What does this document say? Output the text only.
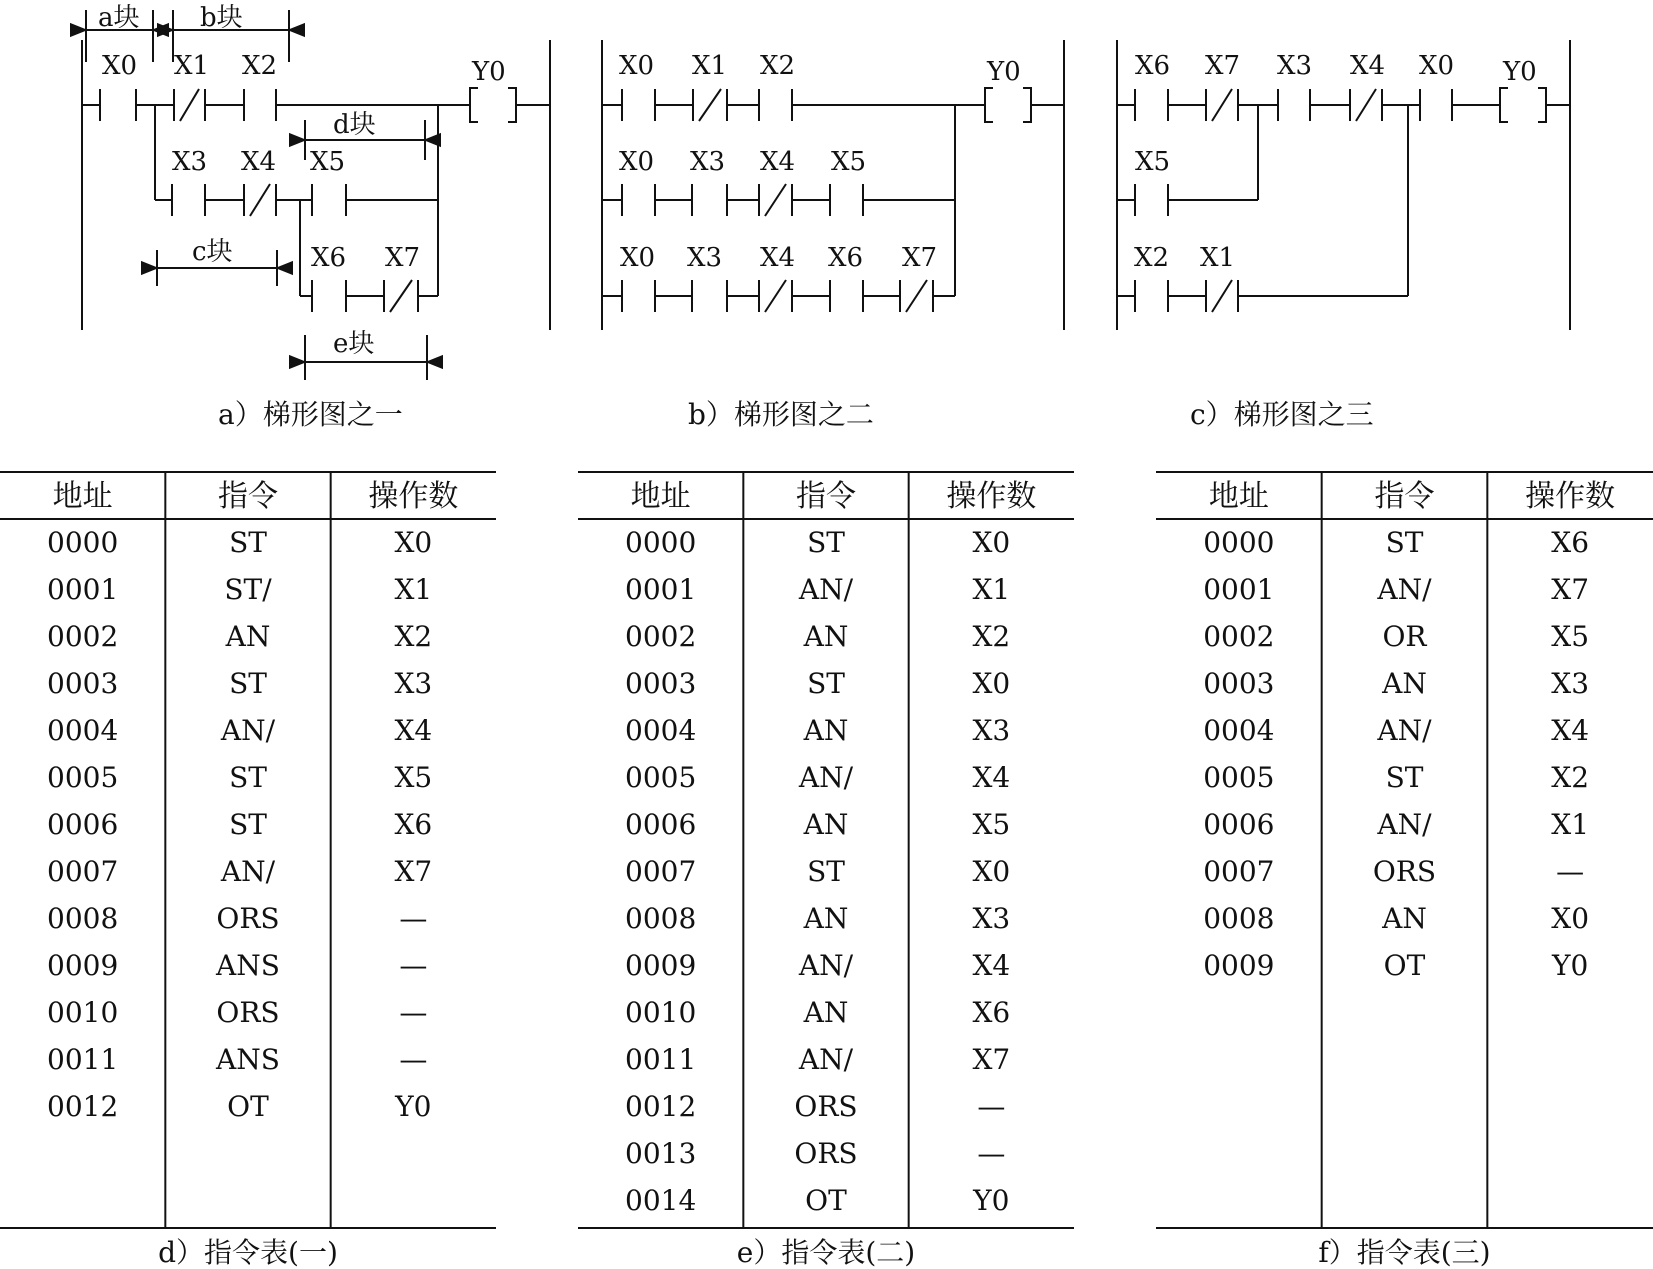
a块 b块
d块
c块
e块
X0 X1 X2
X3 X4 X5
X6 X7
Y0
a）梯形图之一
X0 X1 X2
X0 X3 X4 X5
X0 X3 X4 X6 X7
Y0
b）梯形图之二
X6 X7 X3 X4 X0
X5
X2 X1
Y0
c）梯形图之三
地址	指令	操作数
0000	ST	X0
0001	ST/	X1
0002	AN	X2
0003	ST	X3
0004	AN/	X4
0005	ST	X5
0006	ST	X6
0007	AN/	X7
0008	ORS	—
0009	ANS	—
0010	ORS	—
0011	ANS	—
0012	OT	Y0
d）指令表(一)
地址	指令	操作数
0000	ST	X0
0001	AN/	X1
0002	AN	X2
0003	ST	X0
0004	AN	X3
0005	AN/	X4
0006	AN	X5
0007	ST	X0
0008	AN	X3
0009	AN/	X4
0010	AN	X6
0011	AN/	X7
0012	ORS	—
0013	ORS	—
0014	OT	Y0
e）指令表(二)
地址	指令	操作数
0000	ST	X6
0001	AN/	X7
0002	OR	X5
0003	AN	X3
0004	AN/	X4
0005	ST	X2
0006	AN/	X1
0007	ORS	—
0008	AN	X0
0009	OT	Y0
f）指令表(三)
